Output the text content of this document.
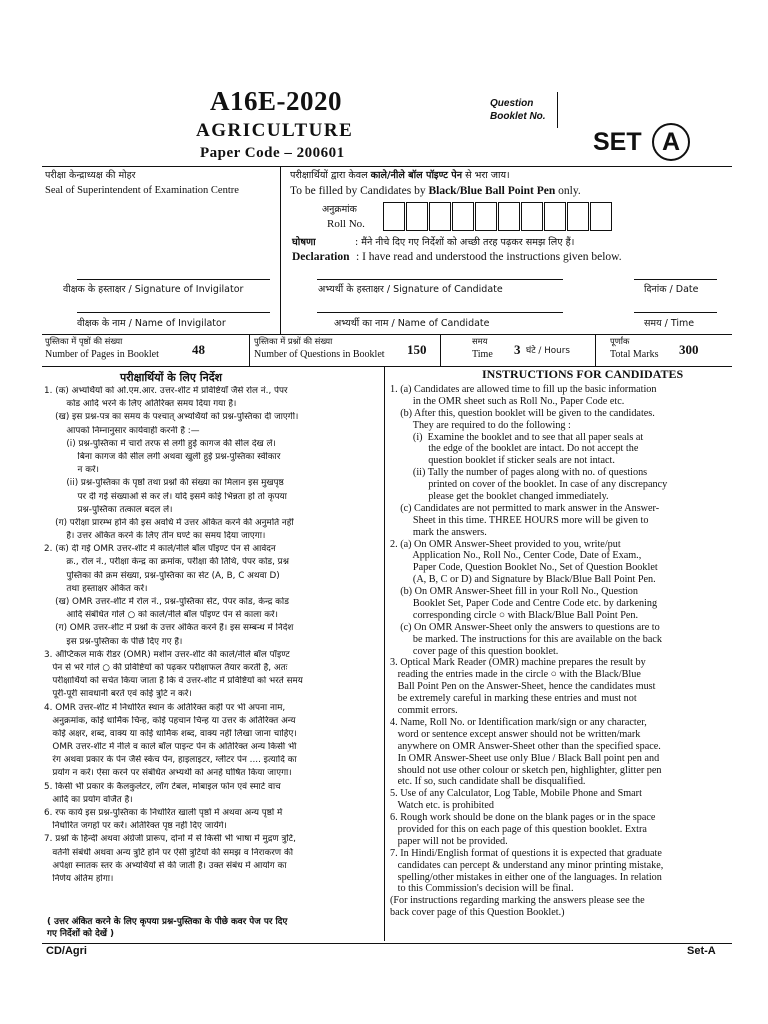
A16E-2020
AGRICULTURE
Paper Code – 200601
Question
Booklet No.
SET A
परीक्षा केन्द्राध्यक्ष की मोहर
Seal of Superintendent of Examination Centre
वीक्षक के हस्ताक्षर / Signature of Invigilator
वीक्षक के नाम / Name of Invigilator
परीक्षार्थियों द्वारा केवल काले/नीले बॉल पॉइण्ट पेन से भरा जाय।
To be filled by Candidates by Black/Blue Ball Point Pen only.
अनुक्रमांक
Roll No.
घोषणा	: मैंने नीचे दिए गए निर्देशों को अच्छी तरह पढ़कर समझ लिए हैं।
Declaration : I have read and understood the instructions given below.
अभ्यर्थी के हस्ताक्षर / Signature of Candidate	दिनांक / Date
अभ्यर्थी का नाम / Name of Candidate	समय / Time
पुस्तिका में पृष्ठों की संख्या
Number of Pages in Booklet	48
पुस्तिका में प्रश्नों की संख्या
Number of Questions in Booklet 150
समय
Time 3 घंटे / Hours
पूर्णांक
Total Marks 300
परीक्षार्थियों के लिए निर्देश	INSTRUCTIONS FOR CANDIDATES
1. (क) अभ्यर्थियों को ओ.एम.आर. उत्तर-शीट में प्रविष्टियाँ जैसे रोल नं., पेपर
कोड आदि भरने के लिए अतिरिक्त समय दिया गया है।
(ख) इस प्रश्न-पत्र का समय के पश्चात् अभ्यर्थियों को प्रश्न-पुस्तिका दी जाएगी।
आपको निम्नानुसार कार्यवाही करनी है :—
(i) प्रश्न-पुस्तिका में चारों तरफ से लगी हुई कागज की सील देख लें।
बिना कागज की सील लगी अथवा खुली हुई प्रश्न-पुस्तिका स्वीकार
न करें।
(ii) प्रश्न-पुस्तिका के पृष्ठों तथा प्रश्नों की संख्या का मिलान इस मुखपृष्ठ
पर दी गई संख्याओं से कर लें। यदि इसमें कोई भिन्नता हो तो कृपया
प्रश्न-पुस्तिका तत्काल बदल लें।
(ग) परीक्षा प्रारम्भ होने की इस अवधि में उत्तर अंकित करने की अनुमति नहीं
है। उत्तर अंकित करने के लिए तीन घण्टे का समय दिया जाएगा।
2. (क) दी गई OMR उत्तर-शीट में काले/नीले बॉल पॉइण्ट पेन से आवेदन
क्र., रोल नं., परीक्षा केन्द्र का क्रमांक, परीक्षा की तिथि, पेपर कोड, प्रश्न
पुस्तिका की क्रम संख्या, प्रश्न-पुस्तिका का सेट (A, B, C अथवा D)
तथा हस्ताक्षर अंकित करें।
(ख) OMR उत्तर-शीट में रोल नं., प्रश्न-पुस्तिका सेट, पेपर कोड, केन्द्र कोड
आदि संबंधित गोले ○ को काले/नीले बॉल पॉइण्ट पेन से काला करें।
(ग) OMR उत्तर-शीट में प्रश्नों के उत्तर अंकित करने हैं। इस सम्बन्ध में निर्देश
इस प्रश्न-पुस्तिका के पीछे दिए गए हैं।
3. ऑप्टिकल मार्क रीडर (OMR) मशीन उत्तर-शीट की काले/नीले बॉल पॉइण्ट
पेन से भरे गोले ○ की प्रविष्टियों को पढ़कर परीक्षाफल तैयार करती है, अतः
परीक्षार्थियों को सचेत किया जाता है कि वे उत्तर-शीट में प्रविष्टियों को भरते समय
पूरी-पूरी सावधानी बरतें एवं कोई त्रुटि न करें।
4. OMR उत्तर-शीट में निर्धारित स्थान के अतिरिक्त कहीं पर भी अपना नाम,
अनुक्रमांक, कोई धार्मिक चिन्ह, कोई पहचान चिन्ह या उत्तर के अतिरिक्त अन्य
कोई अक्षर, शब्द, वाक्य या कोई धार्मिक शब्द, वाक्य नहीं लिखा जाना चाहिए।
OMR उत्तर-शीट में नीले व काले बॉल पाइन्ट पेन के अतिरिक्त अन्य किसी भी
रंग अथवा प्रकार के पेन जैसे स्केच पेन, हाइलाइटर, ग्लीटर पेन .... इत्यादि का
प्रयोग न करें। ऐसा करने पर संबंधित अभ्यर्थी को अनर्ह घोषित किया जाएगा।
5. किसी भी प्रकार के कैलकुलेटर, लॉग टेबल, मोबाइल फोन एवं स्मार्ट वाच
आदि का प्रयोग वर्जित है।
6. रफ कार्य इस प्रश्न-पुस्तिका के निर्धारित खाली पृष्ठों में अथवा अन्य पृष्ठों में
निर्धारित जगहों पर करें। अतिरिक्त पृष्ठ नहीं दिए जायेंगे।
7. प्रश्नों के हिन्दी अथवा अंग्रेजी प्रारूप, दोनों में से किसी भी भाषा में मुद्रण त्रुटि,
वर्तनी संबंधी अथवा अन्य त्रुटि होने पर ऐसी त्रुटियों की समझ व निराकरण की
अपेक्षा स्नातक स्तर के अभ्यर्थियों से की जाती है। उक्त संबंध में आयोग का
निर्णय अंतिम होगा।
1. (a) Candidates are allowed time to fill up the basic information
in the OMR sheet such as Roll No., Paper Code etc.
(b) After this, question booklet will be given to the candidates.
They are required to do the following :
(i)  Examine the booklet and to see that all paper seals at
the edge of the booklet are intact. Do not accept the
question booklet if sticker seals are not intact.
(ii) Tally the number of pages along with no. of questions
printed on cover of the booklet. In case of any discrepancy
please get the booklet changed immediately.
(c) Candidates are not permitted to mark answer in the Answer-
Sheet in this time. THREE HOURS more will be given to
mark the answers.
2. (a) On OMR Answer-Sheet provided to you, write/put
Application No., Roll No., Center Code, Date of Exam.,
Paper Code, Question Booklet No., Set of Question Booklet
(A, B, C or D) and Signature by Black/Blue Ball Point Pen.
(b) On OMR Answer-Sheet fill in your Roll No., Question
Booklet Set, Paper Code and Centre Code etc. by darkening
corresponding circle ○ with Black/Blue Ball Point Pen.
(c) On OMR Answer-Sheet only the answers to questions are to
be marked. The instructions for this are available on the back
cover page of this question booklet.
3. Optical Mark Reader (OMR) machine prepares the result by
reading the entries made in the circle ○ with the Black/Blue
Ball Point Pen on the Answer-Sheet, hence the candidates must
be extremely careful in marking these entries and must not
commit errors.
4. Name, Roll No. or Identification mark/sign or any character,
word or sentence except answer should not be written/mark
anywhere on OMR Answer-Sheet other than the specified space.
In OMR Answer-Sheet use only Blue / Black Ball point pen and
should not use other colour or sketch pen, highlighter, glitter pen
etc. If so, such candidate shall be disqualified.
5. Use of any Calculator, Log Table, Mobile Phone and Smart
Watch etc. is prohibited
6. Rough work should be done on the blank pages or in the space
provided for this on each page of this question booklet. Extra
paper will not be provided.
7. In Hindi/English format of questions it is expected that graduate
candidates can percept & understand any minor printing mistake,
spelling/other mistakes in either one of the languages. In relation
to this Commission's decision will be final.
(For instructions regarding marking the answers please see the
back cover page of this Question Booklet.)
( उत्तर अंकित करने के लिए कृपया प्रश्न-पुस्तिका के पीछे कवर पेज पर दिए
गए निर्देशों को देखें )
CD/Agri	Set-A
